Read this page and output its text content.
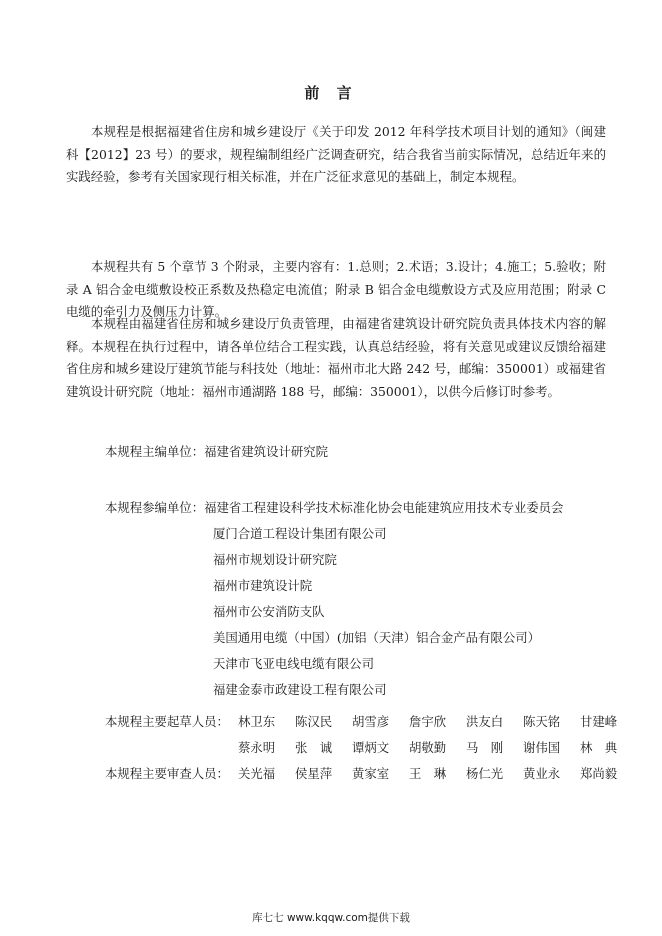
前 言

本规程是根据福建省住房和城乡建设厅《关于印发 2012 年科学技术项目计划的通知》（闽建科【2012】23 号）的要求，规程编制组经广泛调查研究，结合我省当前实际情况，总结近年来的实践经验，参考有关国家现行相关标准，并在广泛征求意见的基础上，制定本规程。

本规程共有 5 个章节 3 个附录，主要内容有：1.总则；2.术语；3.设计；4.施工；5.验收；附录 A 铝合金电缆敷设校正系数及热稳定电流值；附录 B 铝合金电缆敷设方式及应用范围；附录 C 电缆的牵引力及侧压力计算。

本规程由福建省住房和城乡建设厅负责管理，由福建省建筑设计研究院负责具体技术内容的解释。本规程在执行过程中，请各单位结合工程实践，认真总结经验，将有关意见或建议反馈给福建省住房和城乡建设厅建筑节能与科技处（地址：福州市北大路 242 号，邮编：350001）或福建省建筑设计研究院（地址：福州市通湖路 188 号，邮编：350001），以供今后修订时参考。

本规程主编单位：福建省建筑设计研究院
本规程参编单位：福建省工程建设科学技术标准化协会电能建筑应用技术专业委员会
厦门合道工程设计集团有限公司
福州市规划设计研究院
福州市建筑设计院
福州市公安消防支队
美国通用电缆（中国）(加铝（天津）铝合金产品有限公司）
天津市飞亚电线电缆有限公司
福建金泰市政建设工程有限公司
本规程主要起草人员： 林卫东	陈汉民	胡雪彦	詹宇欣	洪友白	陈天铭	甘建峰
蔡永明	张　诚	谭炳文	胡敬勤	马　刚	谢伟国	林　典
本规程主要审查人员： 关光福	侯星萍	黄家室	王　琳	杨仁光	黄业永	郑尚毅
库七七 www.kqqw.com提供下载
